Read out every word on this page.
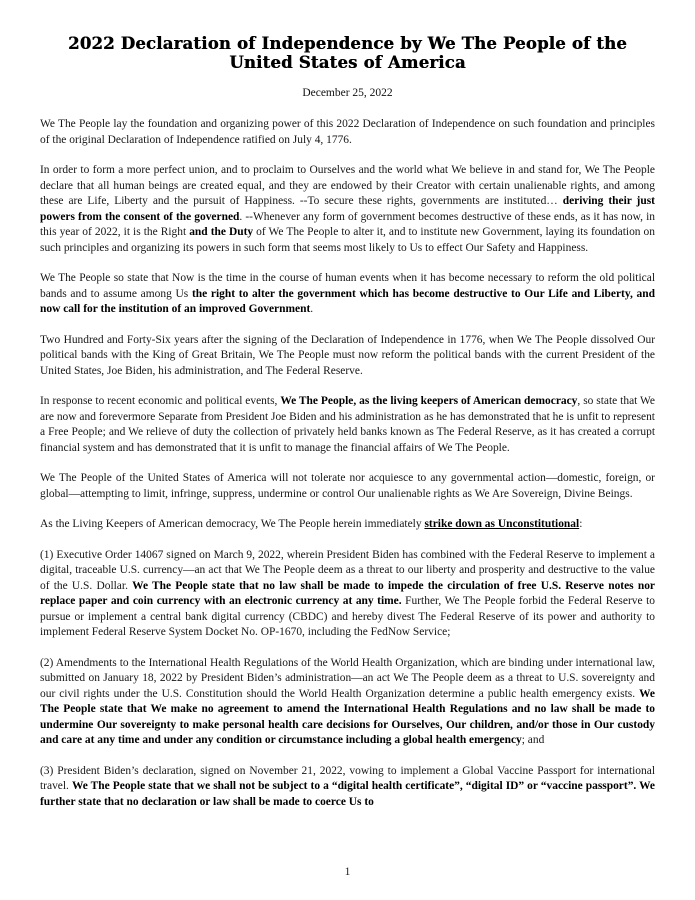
2022 Declaration of Independence by We The People of the United States of America
December 25, 2022

We The People lay the foundation and organizing power of this 2022 Declaration of Independence on such foundation and principles of the original Declaration of Independence ratified on July 4, 1776.

In order to form a more perfect union, and to proclaim to Ourselves and the world what We believe in and stand for, We The People declare that all human beings are created equal, and they are endowed by their Creator with certain unalienable rights, and among these are Life, Liberty and the pursuit of Happiness. --To secure these rights, governments are instituted… deriving their just powers from the consent of the governed. --Whenever any form of government becomes destructive of these ends, as it has now, in this year of 2022, it is the Right and the Duty of We The People to alter it, and to institute new Government, laying its foundation on such principles and organizing its powers in such form that seems most likely to Us to effect Our Safety and Happiness.

We The People so state that Now is the time in the course of human events when it has become necessary to reform the old political bands and to assume among Us the right to alter the government which has become destructive to Our Life and Liberty, and now call for the institution of an improved Government.

Two Hundred and Forty-Six years after the signing of the Declaration of Independence in 1776, when We The People dissolved Our political bands with the King of Great Britain, We The People must now reform the political bands with the current President of the United States, Joe Biden, his administration, and The Federal Reserve.

In response to recent economic and political events, We The People, as the living keepers of American democracy, so state that We are now and forevermore Separate from President Joe Biden and his administration as he has demonstrated that he is unfit to represent a Free People; and We relieve of duty the collection of privately held banks known as The Federal Reserve, as it has created a corrupt financial system and has demonstrated that it is unfit to manage the financial affairs of We The People.

We The People of the United States of America will not tolerate nor acquiesce to any governmental action—domestic, foreign, or global—attempting to limit, infringe, suppress, undermine or control Our unalienable rights as We Are Sovereign, Divine Beings.

As the Living Keepers of American democracy, We The People herein immediately strike down as Unconstitutional:

(1) Executive Order 14067 signed on March 9, 2022, wherein President Biden has combined with the Federal Reserve to implement a digital, traceable U.S. currency—an act that We The People deem as a threat to our liberty and prosperity and destructive to the value of the U.S. Dollar. We The People state that no law shall be made to impede the circulation of free U.S. Reserve notes nor replace paper and coin currency with an electronic currency at any time. Further, We The People forbid the Federal Reserve to pursue or implement a central bank digital currency (CBDC) and hereby divest The Federal Reserve of its power and authority to implement Federal Reserve System Docket No. OP-1670, including the FedNow Service;

(2) Amendments to the International Health Regulations of the World Health Organization, which are binding under international law, submitted on January 18, 2022 by President Biden’s administration—an act We The People deem as a threat to U.S. sovereignty and our civil rights under the U.S. Constitution should the World Health Organization determine a public health emergency exists. We The People state that We make no agreement to amend the International Health Regulations and no law shall be made to undermine Our sovereignty to make personal health care decisions for Ourselves, Our children, and/or those in Our custody and care at any time and under any condition or circumstance including a global health emergency; and

(3) President Biden’s declaration, signed on November 21, 2022, vowing to implement a Global Vaccine Passport for international travel. We The People state that we shall not be subject to a “digital health certificate”, “digital ID” or “vaccine passport”. We further state that no declaration or law shall be made to coerce Us to

1
